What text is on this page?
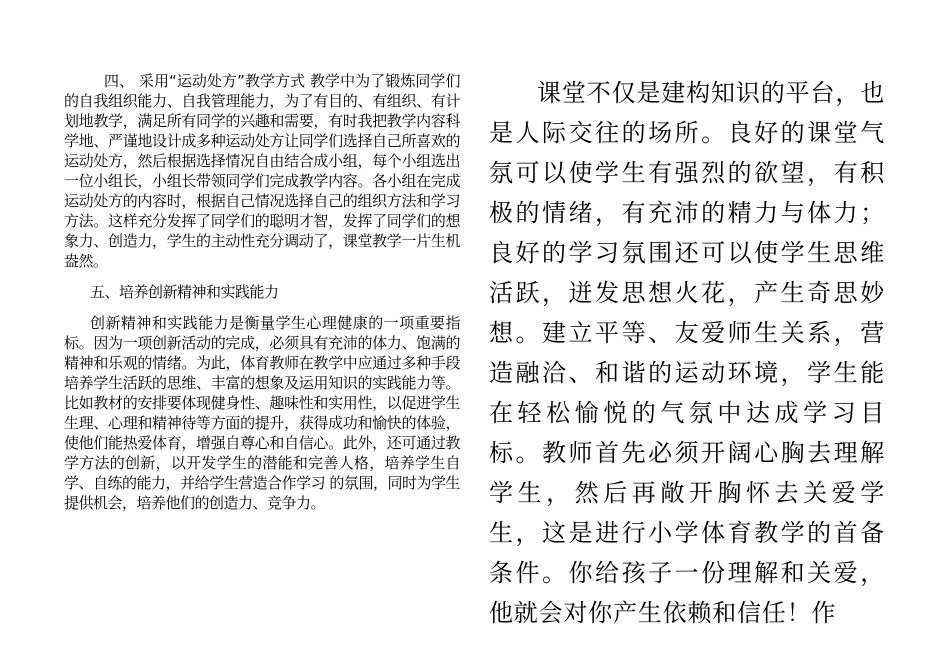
四、 采用“运动处方”教学方式 教学中为了锻炼同学们的自我组织能力、自我管理能力，为了有目的、有组织、有计划地教学，满足所有同学的兴趣和需要，有时我把教学内容科学地、严谨地设计成多种运动处方让同学们选择自己所喜欢的运动处方，然后根据选择情况自由结合成小组，每个小组选出一位小组长，小组长带领同学们完成教学内容。各小组在完成运动处方的内容时，根据自己情况选择自己的组织方法和学习方法。这样充分发挥了同学们的聪明才智，发挥了同学们的想象力、创造力，学生的主动性充分调动了，课堂教学一片生机盎然。

五、培养创新精神和实践能力

创新精神和实践能力是衡量学生心理健康的一项重要指标。因为一项创新活动的完成，必须具有充沛的体力、饱满的精神和乐观的情绪。为此，体育教师在教学中应通过多种手段培养学生活跃的思维、丰富的想象及运用知识的实践能力等。比如教材的安排要体现健身性、趣味性和实用性，以促进学生生理、心理和精神待等方面的提升，获得成功和愉快的体验，使他们能热爱体育，增强自尊心和自信心。此外，还可通过教学方法的创新，以开发学生的潜能和完善人格，培养学生自学、自练的能力，并给学生营造合作学习 的氛围，同时为学生提供机会，培养他们的创造力、竞争力。

课堂不仅是建构知识的平台，也是人际交往的场所。良好的课堂气氛可以使学生有强烈的欲望，有积极的情绪，有充沛的精力与体力；良好的学习氛围还可以使学生思维活跃，迸发思想火花，产生奇思妙想。建立平等、友爱师生关系，营造融洽、和谐的运动环境，学生能在轻松愉悦的气氛中达成学习目标。教师首先必须开阔心胸去理解学生，然后再敞开胸怀去关爱学生，这是进行小学体育教学的首备条件。你给孩子一份理解和关爱，他就会对你产生依赖和信任！作
